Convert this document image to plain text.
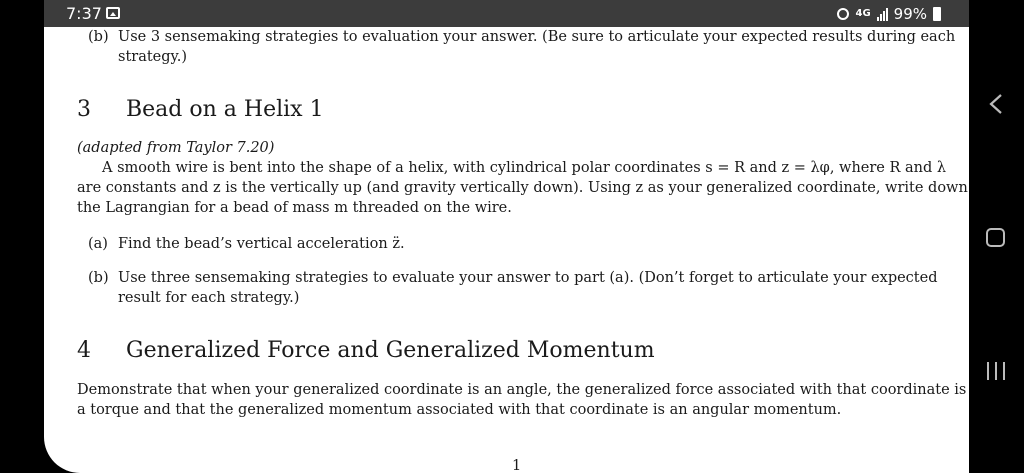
7:37	4G 99%
(b) Use 3 sensemaking strategies to evaluation your answer. (Be sure to articulate your expected results during each
strategy.)
3 Bead on a Helix 1
(adapted from Taylor 7.20)
A smooth wire is bent into the shape of a helix, with cylindrical polar coordinates s = R and z = λφ, where R and λ
are constants and z is the vertically up (and gravity vertically down). Using z as your generalized coordinate, write down
the Lagrangian for a bead of mass m threaded on the wire.
(a) Find the bead’s vertical acceleration z̈.
(b) Use three sensemaking strategies to evaluate your answer to part (a). (Don’t forget to articulate your expected
result for each strategy.)
4 Generalized Force and Generalized Momentum
Demonstrate that when your generalized coordinate is an angle, the generalized force associated with that coordinate is
a torque and that the generalized momentum associated with that coordinate is an angular momentum.
1
